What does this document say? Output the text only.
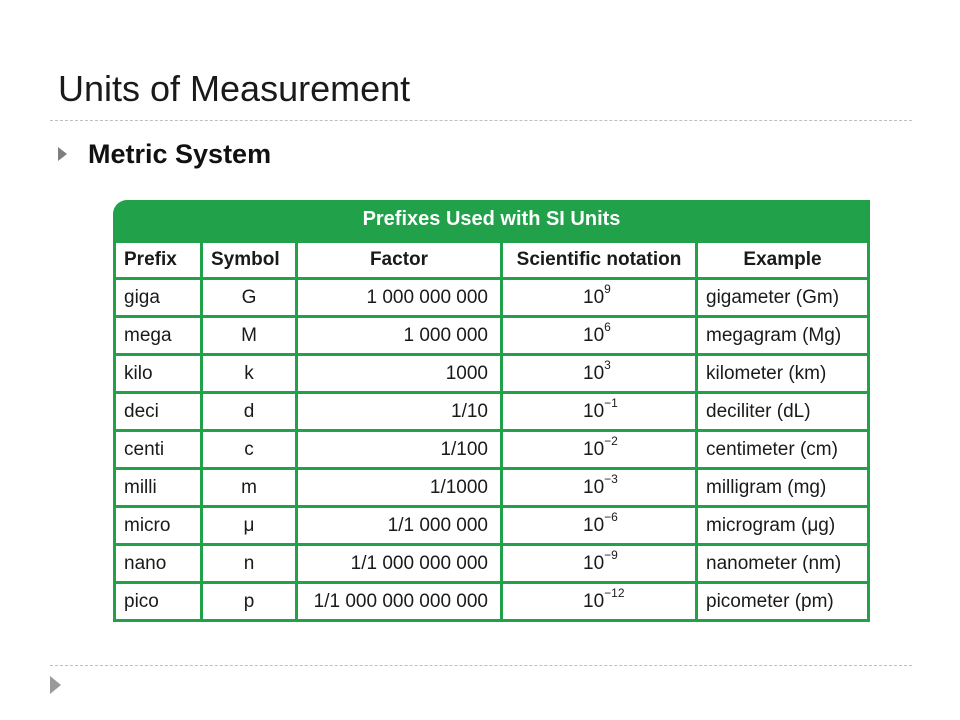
Units of Measurement
Metric System
Prefixes Used with SI Units
Prefix	Symbol	Factor	Scientific notation	Example
giga	G	1 000 000 000	$10^9$	gigameter (Gm)
mega	M	1 000 000	$10^6$	megagram (Mg)
kilo	k	1000	$10^3$	kilometer (km)
deci	d	1/10	$10^{-1}$	deciliter (dL)
centi	c	1/100	$10^{-2}$	centimeter (cm)
milli	m	1/1000	$10^{-3}$	milligram (mg)
micro	μ	1/1 000 000	$10^{-6}$	microgram (μg)
nano	n	1/1 000 000 000	$10^{-9}$	nanometer (nm)
pico	p	1/1 000 000 000 000	$10^{-12}$	picometer (pm)
